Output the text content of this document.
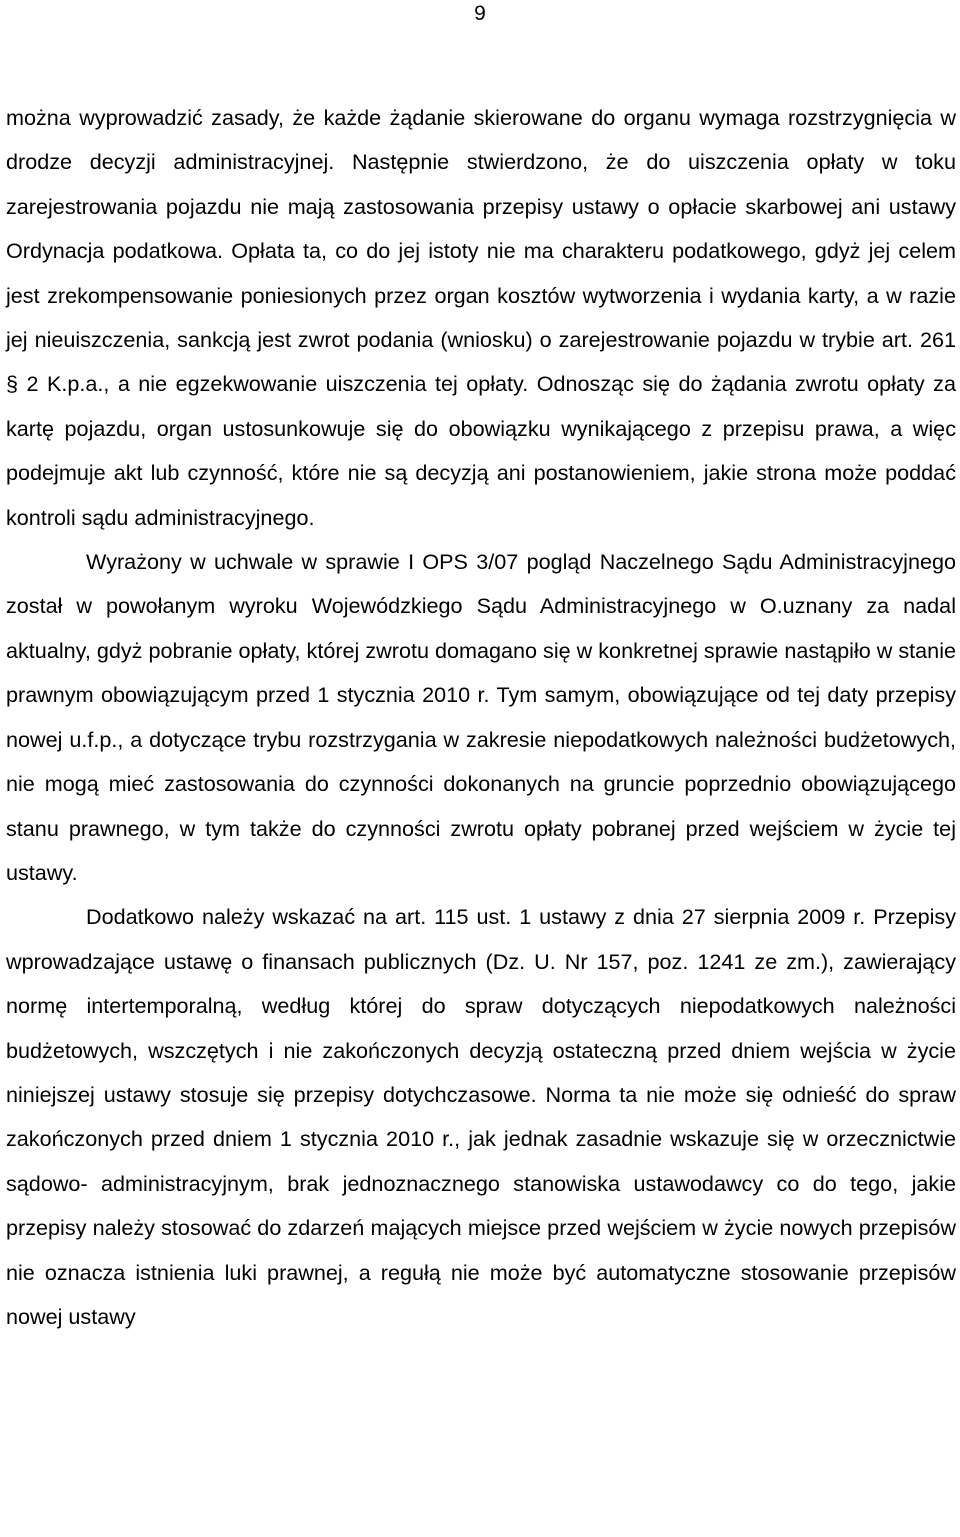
9

można wyprowadzić zasady, że każde żądanie skierowane do organu wymaga rozstrzygnięcia w drodze decyzji administracyjnej. Następnie stwierdzono, że do uiszczenia opłaty w toku zarejestrowania pojazdu nie mają zastosowania przepisy ustawy o opłacie skarbowej ani ustawy Ordynacja podatkowa. Opłata ta, co do jej istoty nie ma charakteru podatkowego, gdyż jej celem jest zrekompensowanie poniesionych przez organ kosztów wytworzenia i wydania karty, a w razie jej nieuiszczenia, sankcją jest zwrot podania (wniosku) o zarejestrowanie pojazdu w trybie art. 261 § 2 K.p.a., a nie egzekwowanie uiszczenia tej opłaty. Odnosząc się do żądania zwrotu opłaty za kartę pojazdu, organ ustosunkowuje się do obowiązku wynikającego z przepisu prawa, a więc podejmuje akt lub czynność, które nie są decyzją ani postanowieniem, jakie strona może poddać kontroli sądu administracyjnego.

Wyrażony w uchwale w sprawie I OPS 3/07 pogląd Naczelnego Sądu Administracyjnego został w powołanym wyroku Wojewódzkiego Sądu Administracyjnego w O.uznany za nadal aktualny, gdyż pobranie opłaty, której zwrotu domagano się w konkretnej sprawie nastąpiło w stanie prawnym obowiązującym przed 1 stycznia 2010 r. Tym samym, obowiązujące od tej daty przepisy nowej u.f.p., a dotyczące trybu rozstrzygania w zakresie niepodatkowych należności budżetowych, nie mogą mieć zastosowania do czynności dokonanych na gruncie poprzednio obowiązującego stanu prawnego, w tym także do czynności zwrotu opłaty pobranej przed wejściem w życie tej ustawy.

Dodatkowo należy wskazać na art. 115 ust. 1 ustawy z dnia 27 sierpnia 2009 r. Przepisy wprowadzające ustawę o finansach publicznych (Dz. U. Nr 157, poz. 1241 ze zm.), zawierający normę intertemporalną, według której do spraw dotyczących niepodatkowych należności budżetowych, wszczętych i nie zakończonych decyzją ostateczną przed dniem wejścia w życie niniejszej ustawy stosuje się przepisy dotychczasowe. Norma ta nie może się odnieść do spraw zakończonych przed dniem 1 stycznia 2010 r., jak jednak zasadnie wskazuje się w orzecznictwie sądowo- administracyjnym, brak jednoznacznego stanowiska ustawodawcy co do tego, jakie przepisy należy stosować do zdarzeń mających miejsce przed wejściem w życie nowych przepisów nie oznacza istnienia luki prawnej, a regułą nie może być automatyczne stosowanie przepisów nowej ustawy
